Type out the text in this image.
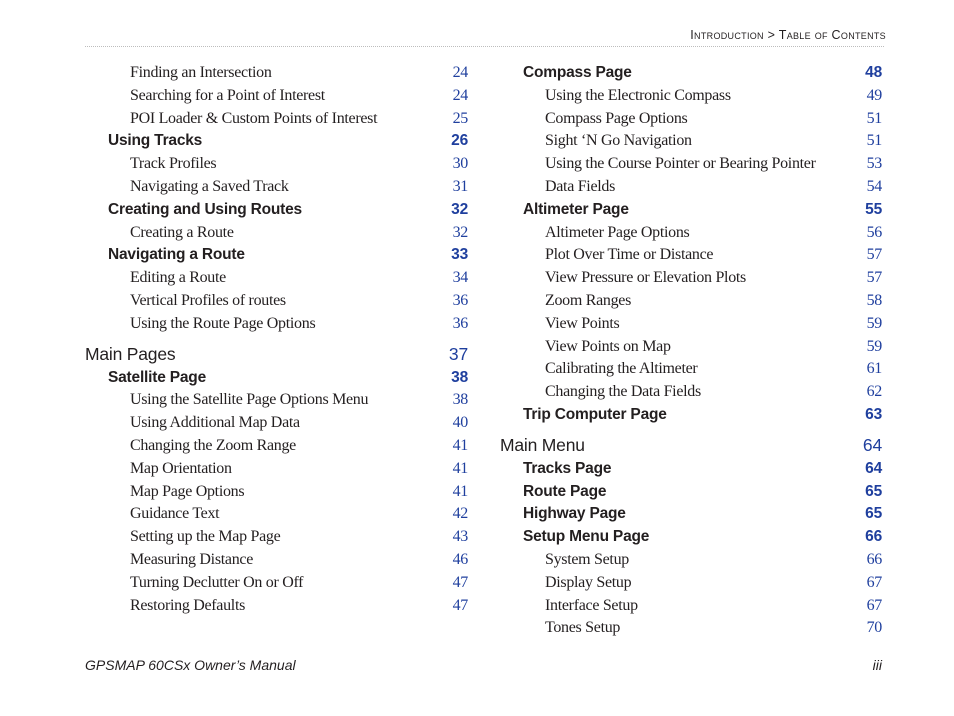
Introduction > Table of Contents
Finding an Intersection	24
Searching for a Point of Interest	24
POI Loader & Custom Points of Interest	25
Using Tracks	26
Track Profiles	30
Navigating a Saved Track	31
Creating and Using Routes	32
Creating a Route	32
Navigating a Route	33
Editing a Route	34
Vertical Profiles of routes	36
Using the Route Page Options	36
Main Pages	37
Satellite Page	38
Using the Satellite Page Options Menu	38
Using Additional Map Data	40
Changing the Zoom Range	41
Map Orientation	41
Map Page Options	41
Guidance Text	42
Setting up the Map Page	43
Measuring Distance	46
Turning Declutter On or Off	47
Restoring Defaults	47
Compass Page	48
Using the Electronic Compass	49
Compass Page Options	51
Sight ‘N Go Navigation	51
Using the Course Pointer or Bearing Pointer	53
Data Fields	54
Altimeter Page	55
Altimeter Page Options	56
Plot Over Time or Distance	57
View Pressure or Elevation Plots	57
Zoom Ranges	58
View Points	59
View Points on Map	59
Calibrating the Altimeter	61
Changing the Data Fields	62
Trip Computer Page	63
Main Menu	64
Tracks Page	64
Route Page	65
Highway Page	65
Setup Menu Page	66
System Setup	66
Display Setup	67
Interface Setup	67
Tones Setup	70
GPSMAP 60CSx Owner’s Manual	iii
